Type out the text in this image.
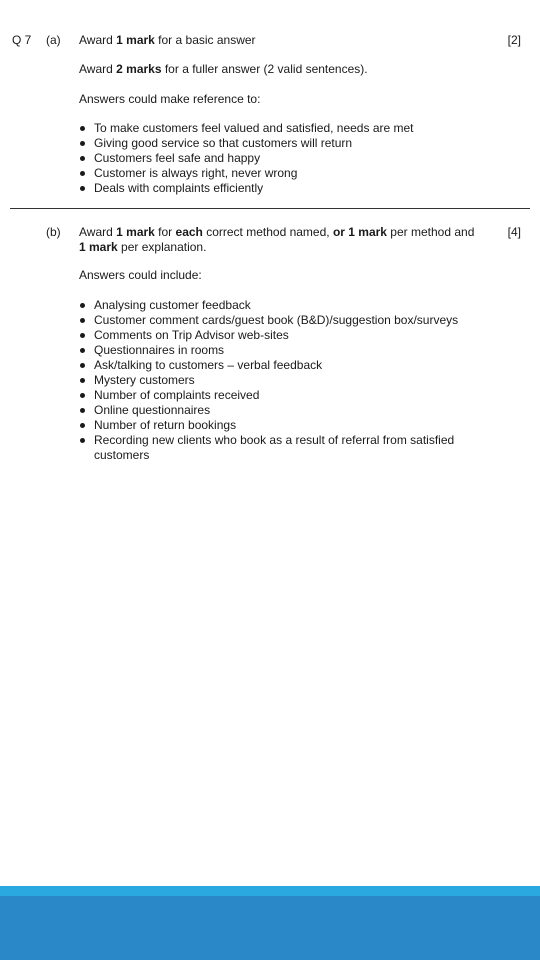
Q 7 (a)	[2]
Award 1 mark for a basic answer
Award 2 marks for a fuller answer (2 valid sentences).
Answers could make reference to:
To make customers feel valued and satisfied, needs are met
Giving good service so that customers will return
Customers feel safe and happy
Customer is always right, never wrong
Deals with complaints efficiently
(b)	[4]
Award 1 mark for each correct method named, or 1 mark per method and
1 mark per explanation.
Answers could include:
Analysing customer feedback
Customer comment cards/guest book (B&D)/suggestion box/surveys
Comments on Trip Advisor web-sites
Questionnaires in rooms
Ask/talking to customers – verbal feedback
Mystery customers
Number of complaints received
Online questionnaires
Number of return bookings
Recording new clients who book as a result of referral from satisfied
customers
